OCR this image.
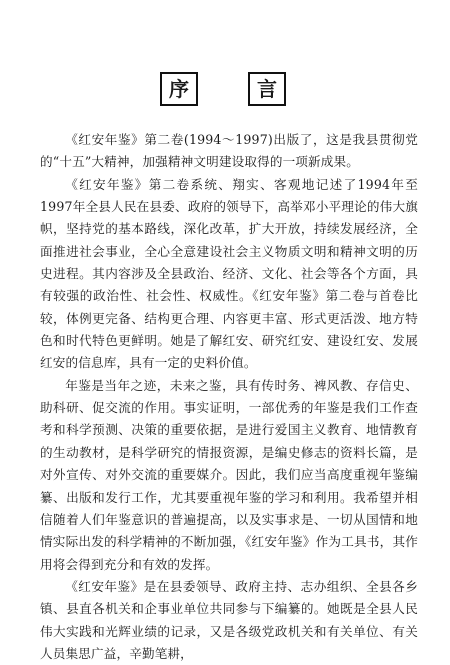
序	言

《红安年鉴》第二卷(1994～1997)出版了，这是我县贯彻党的“十五”大精神，加强精神文明建设取得的一项新成果。

《红安年鉴》第二卷系统、翔实、客观地记述了1994年至1997年全县人民在县委、政府的领导下，高举邓小平理论的伟大旗帜，坚持党的基本路线，深化改革，扩大开放，持续发展经济，全面推进社会事业，全心全意建设社会主义物质文明和精神文明的历史进程。其内容涉及全县政治、经济、文化、社会等各个方面，具有较强的政治性、社会性、权威性。《红安年鉴》第二卷与首卷比较，体例更完备、结构更合理、内容更丰富、形式更活泼、地方特色和时代特色更鲜明。她是了解红安、研究红安、建设红安、发展红安的信息库，具有一定的史料价值。

年鉴是当年之迹，未来之鉴，具有传时务、裨风教、存信史、助科研、促交流的作用。事实证明，一部优秀的年鉴是我们工作查考和科学预测、决策的重要依据，是进行爱国主义教育、地情教育的生动教材，是科学研究的情报资源，是编史修志的资料长篇，是对外宣传、对外交流的重要媒介。因此，我们应当高度重视年鉴编纂、出版和发行工作，尤其要重视年鉴的学习和利用。我希望并相信随着人们年鉴意识的普遍提高，以及实事求是、一切从国情和地情实际出发的科学精神的不断加强，《红安年鉴》作为工具书，其作用将会得到充分和有效的发挥。

《红安年鉴》是在县委领导、政府主持、志办组织、全县各乡镇、县直各机关和企事业单位共同参与下编纂的。她既是全县人民伟大实践和光辉业绩的记录，又是各级党政机关和有关单位、有关人员集思广益，辛勤笔耕，
